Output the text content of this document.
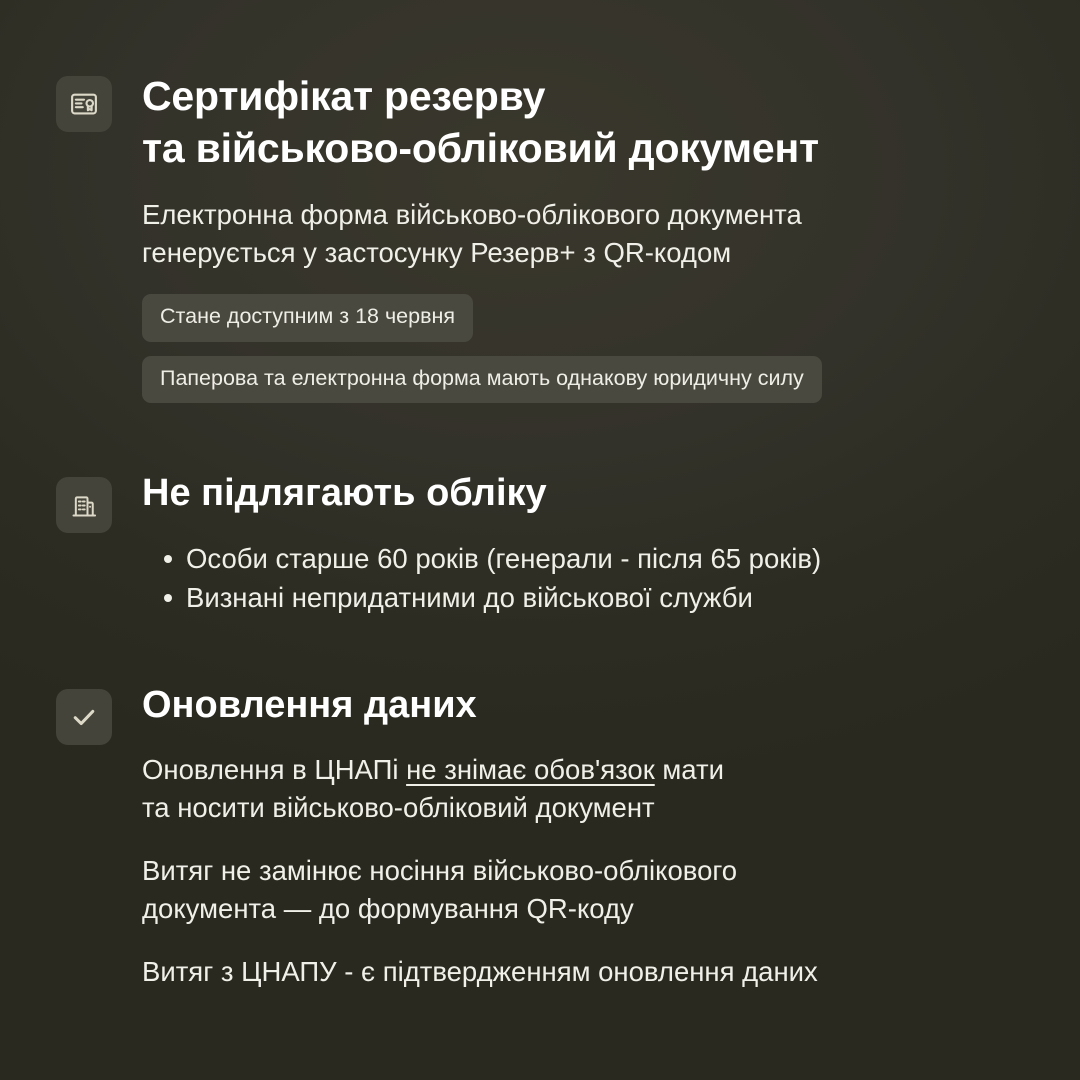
Сертифікат резерву
та військово-обліковий документ

Електронна форма військово-облікового документа
генерується у застосунку Резерв+ з QR-кодом

Стане доступним з 18 червня
Паперова та електронна форма мають однакову юридичну силу
Не підлягають обліку
Особи старше 60 років (генерали - після 65 років)
Визнані непридатними до військової служби
Оновлення даних

Оновлення в ЦНАПі не знімає обов'язок мати
та носити військово-обліковий документ

Витяг не замінює носіння військово-облікового
документа — до формування QR-коду

Витяг з ЦНАПУ - є підтвердженням оновлення даних
